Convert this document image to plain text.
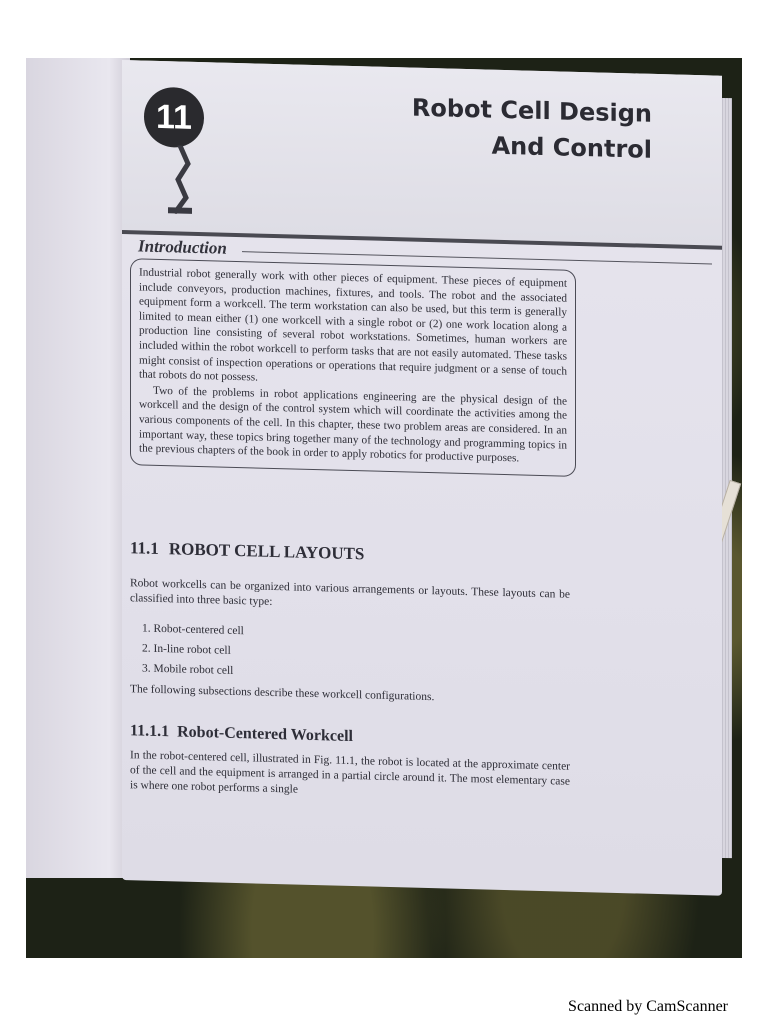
11	Robot Cell Design
And Control
Introduction

Industrial robot generally work with other pieces of equipment. These pieces of equipment include conveyors, production machines, fixtures, and tools. The robot and the associated equipment form a workcell. The term workstation can also be used, but this term is generally limited to mean either (1) one workcell with a single robot or (2) one work location along a production line consisting of several robot workstations. Sometimes, human workers are included within the robot workcell to perform tasks that are not easily automated. These tasks might consist of inspection operations or operations that require judgment or a sense of touch that robots do not possess.

Two of the problems in robot applications engineering are the physical design of the workcell and the design of the control system which will coordinate the activities among the various components of the cell. In this chapter, these two problem areas are considered. In an important way, these topics bring together many of the technology and programming topics in the previous chapters of the book in order to apply robotics for productive purposes.

11.1 ROBOT CELL LAYOUTS
Robot workcells can be organized into various arrangements or layouts. These layouts can be classified into three basic type:
1. Robot-centered cell
2. In-line robot cell
3. Mobile robot cell
The following subsections describe these workcell configurations.
11.1.1 Robot-Centered Workcell
In the robot-centered cell, illustrated in Fig. 11.1, the robot is located at the approximate center of the cell and the equipment is arranged in a partial circle around it. The most elementary case is where one robot performs a single
Scanned by CamScanner
